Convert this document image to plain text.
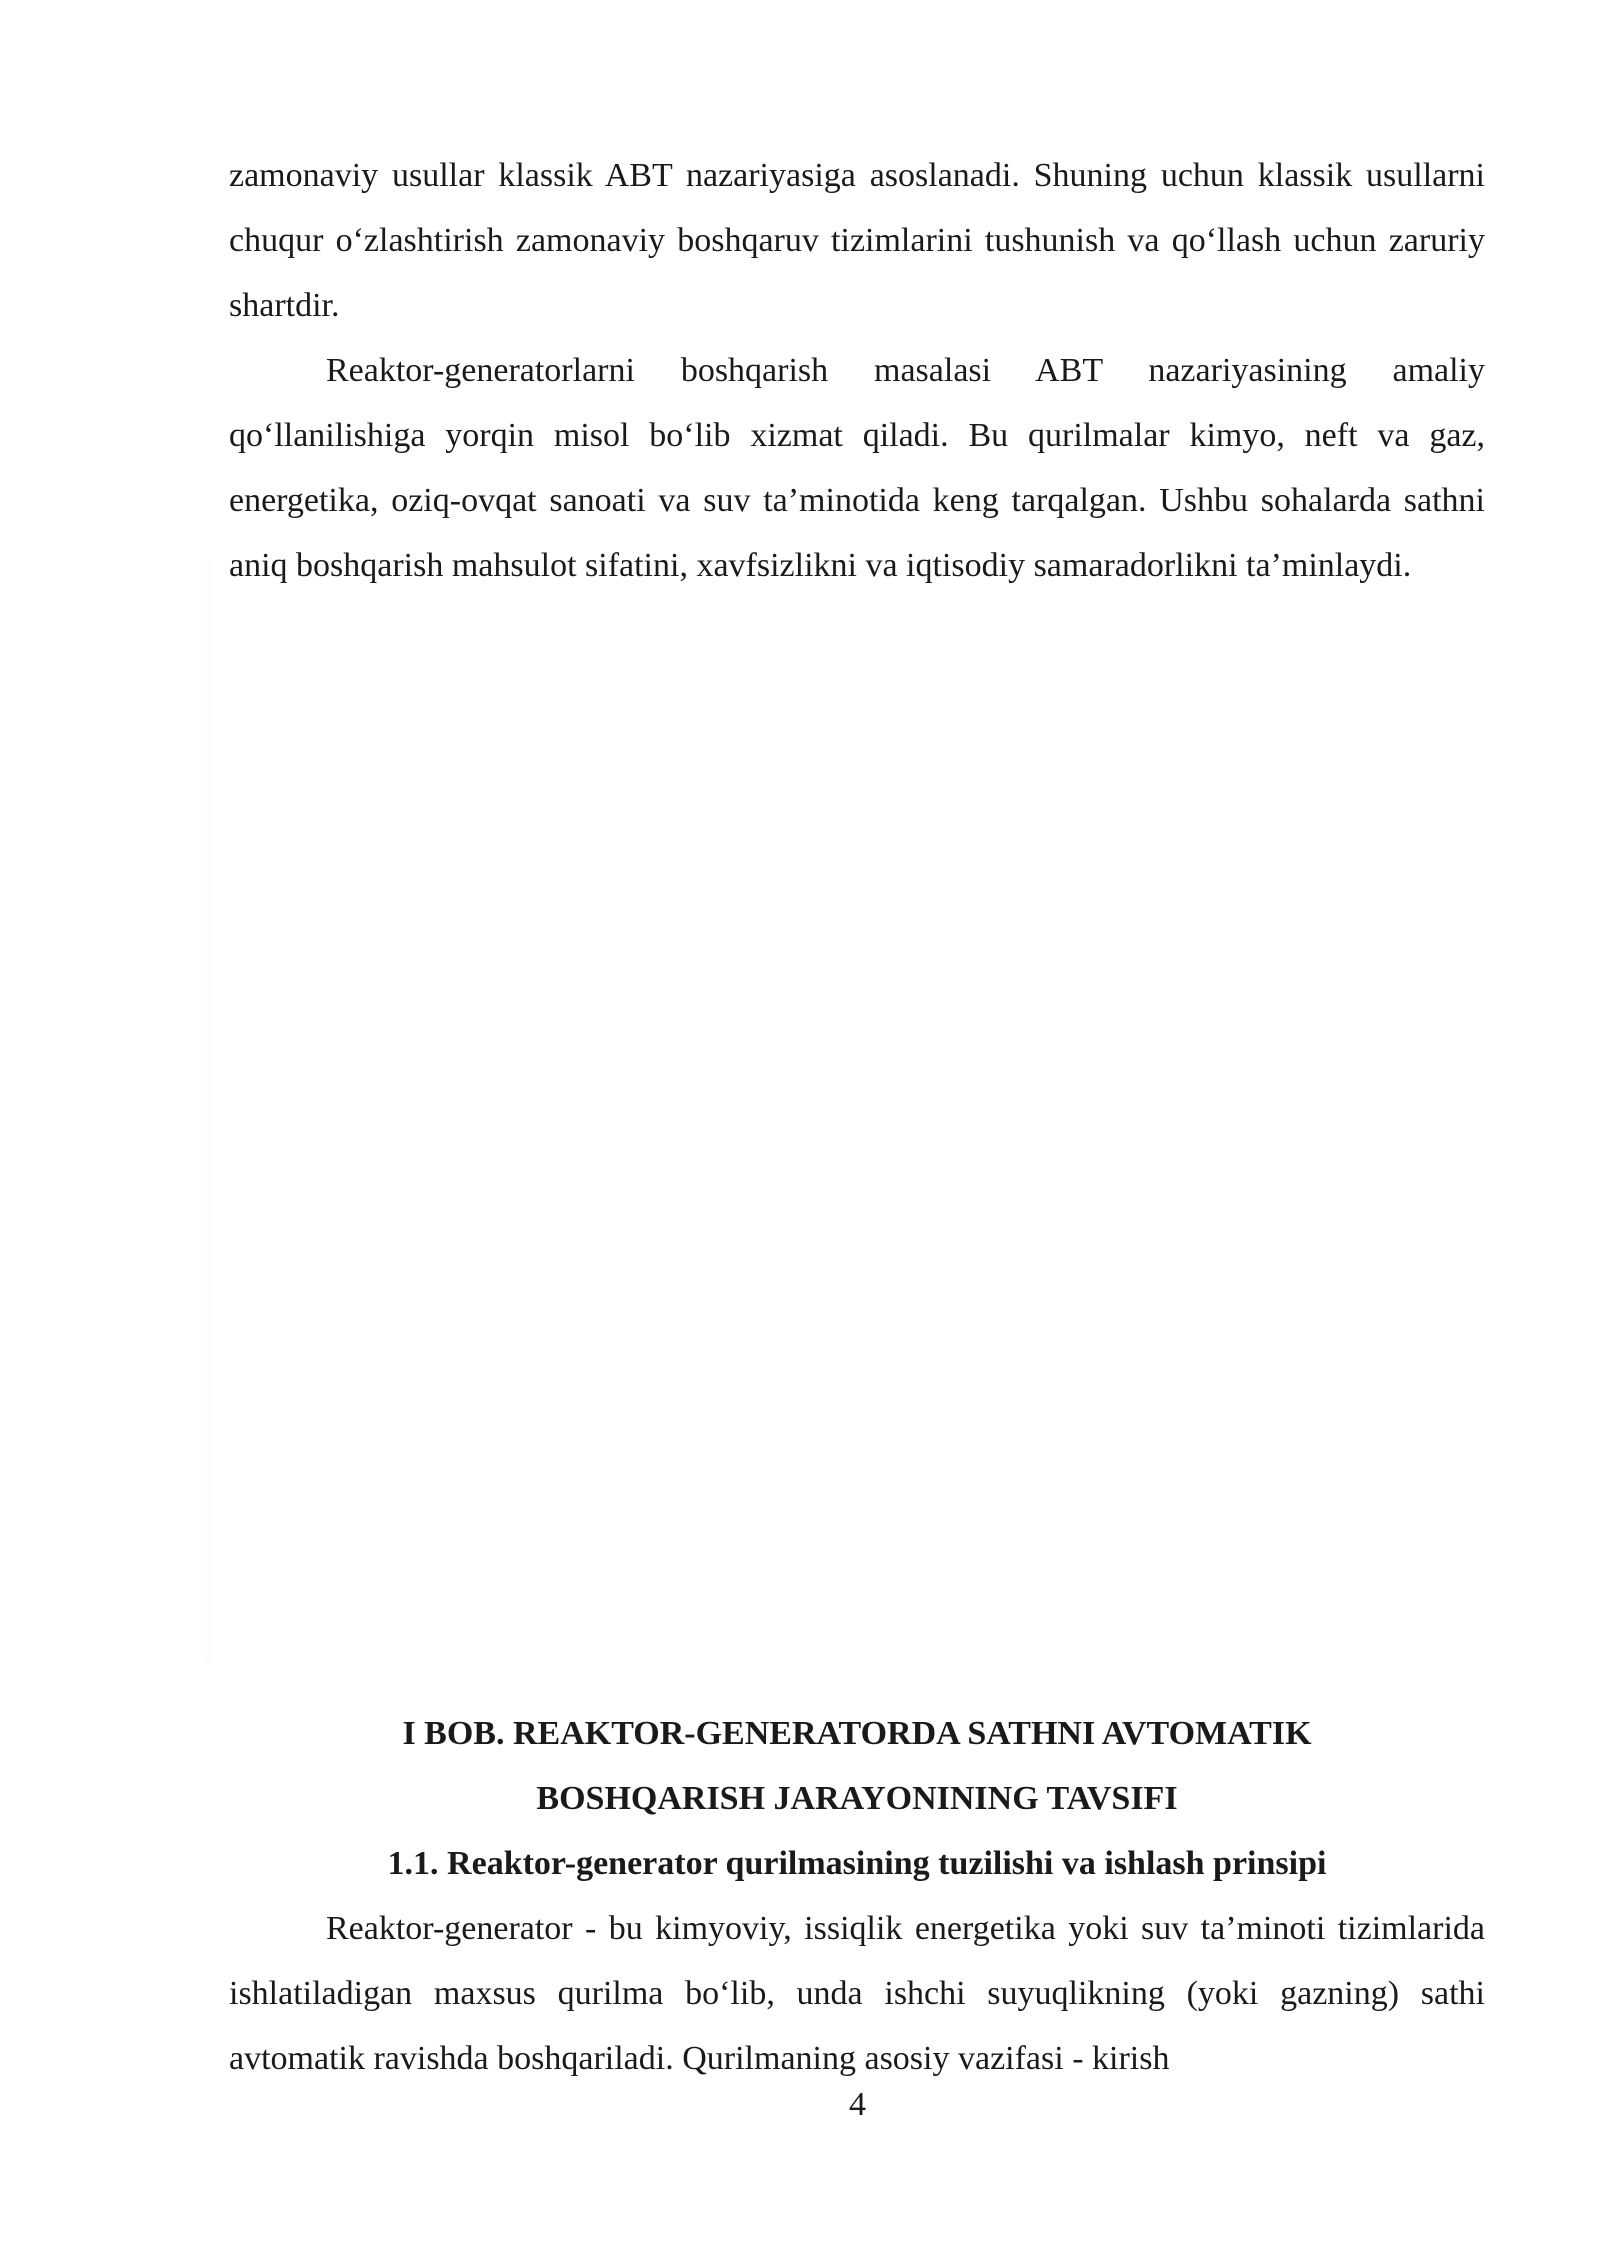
zamonaviy usullar klassik ABT nazariyasiga asoslanadi. Shuning uchun klassik usullarni chuqur o‘zlashtirish zamonaviy boshqaruv tizimlarini tushunish va qo‘llash uchun zaruriy shartdir.

Reaktor-generatorlarni boshqarish masalasi ABT nazariyasining amaliy qo‘llanilishiga yorqin misol bo‘lib xizmat qiladi. Bu qurilmalar kimyo, neft va gaz, energetika, oziq-ovqat sanoati va suv ta’minotida keng tarqalgan. Ushbu sohalarda sathni aniq boshqarish mahsulot sifatini, xavfsizlikni va iqtisodiy samaradorlikni ta’minlaydi.

I BOB. REAKTOR-GENERATORDA SATHNI AVTOMATIK
BOSHQARISH JARAYONINING TAVSIFI
1.1. Reaktor-generator qurilmasining tuzilishi va ishlash prinsipi

Reaktor-generator - bu kimyoviy, issiqlik energetika yoki suv ta’minoti tizimlarida ishlatiladigan maxsus qurilma bo‘lib, unda ishchi suyuqlikning (yoki gazning) sathi avtomatik ravishda boshqariladi. Qurilmaning asosiy vazifasi - kirish

4
